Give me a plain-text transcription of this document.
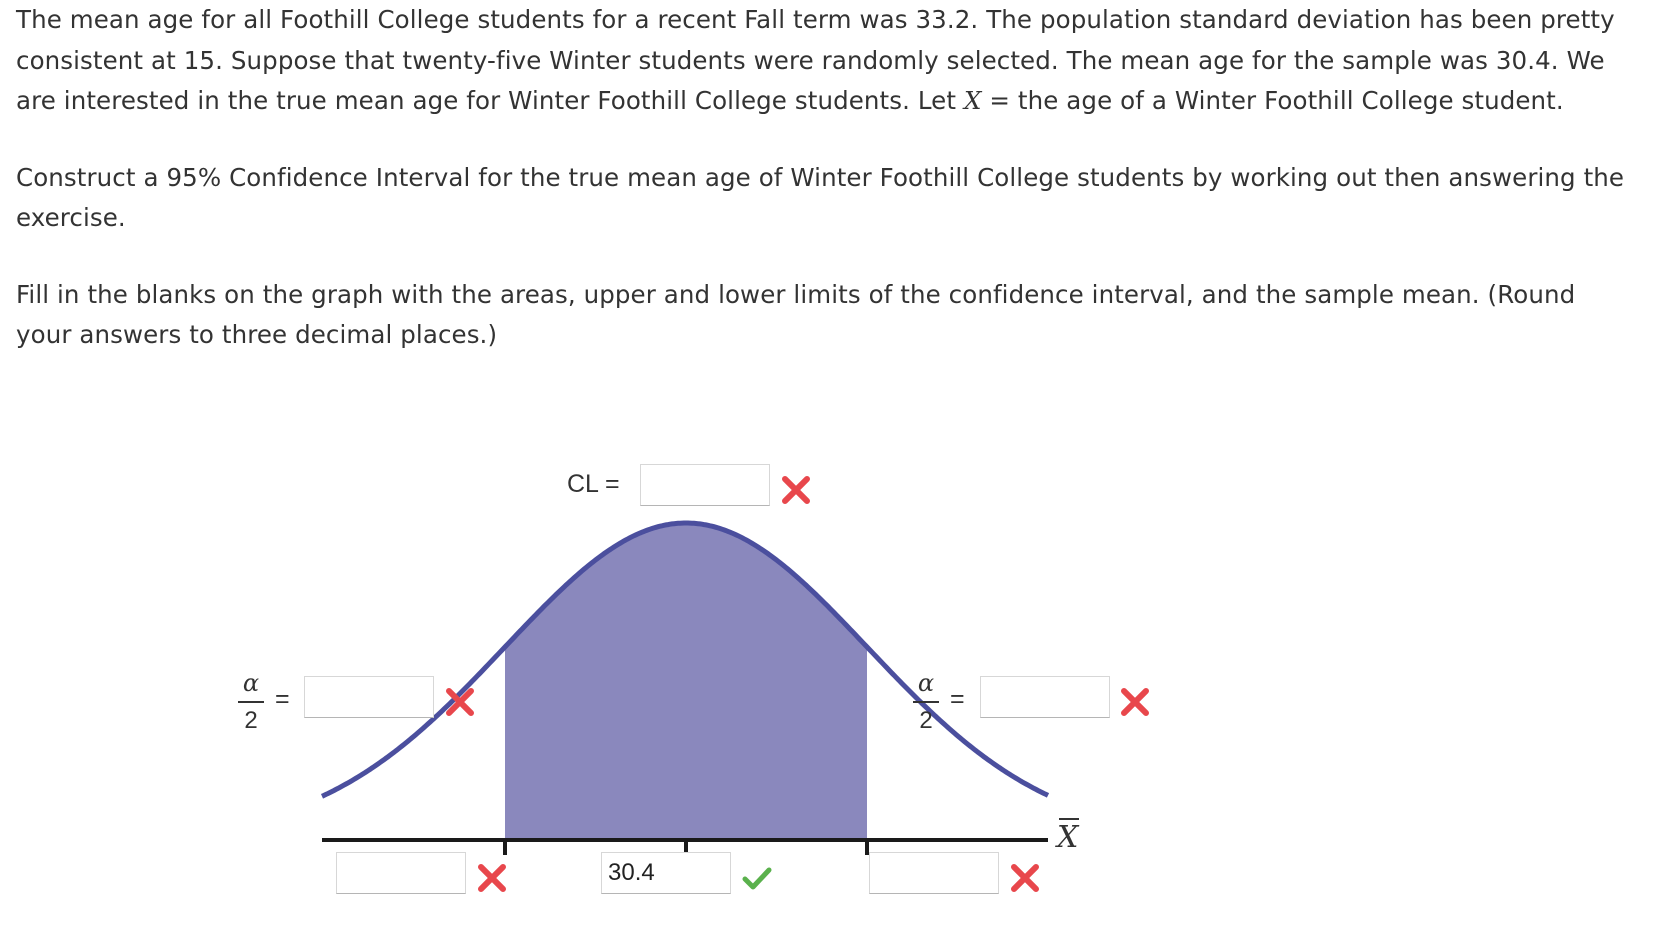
The mean age for all Foothill College students for a recent Fall term was 33.2. The population standard deviation has been pretty consistent at 15. Suppose that twenty-five Winter students were randomly selected. The mean age for the sample was 30.4. We are interested in the true mean age for Winter Foothill College students. Let X = the age of a Winter Foothill College student.

Construct a 95% Confidence Interval for the true mean age of Winter Foothill College students by working out then answering the exercise.

Fill in the blanks on the graph with the areas, upper and lower limits of the confidence interval, and the sample mean. (Round your answers to three decimal places.)

CL =
α
2
=
α
2
=
X
30.4
